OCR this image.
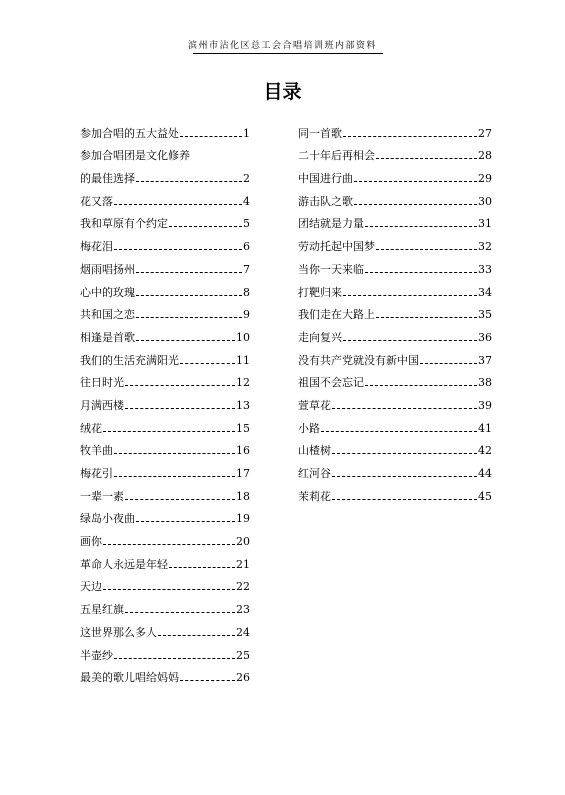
滨州市沾化区总工会合唱培训班内部资料
目录
参加合唱的五大益处	1
参加合唱团是文化修养
的最佳选择	2
花又落	4
我和草原有个约定	5
梅花泪	6
烟雨唱扬州	7
心中的玫瑰	8
共和国之恋	9
相逢是首歌	10
我们的生活充满阳光	11
往日时光	12
月满西楼	13
绒花	15
牧羊曲	16
梅花引	17
一辈一素	18
绿岛小夜曲	19
画你	20
革命人永远是年轻	21
天边	22
五星红旗	23
这世界那么多人	24
半壶纱	25
最美的歌儿唱给妈妈	26
同一首歌	27
二十年后再相会	28
中国进行曲	29
游击队之歌	30
团结就是力量	31
劳动托起中国梦	32
当你一天来临	33
打靶归来	34
我们走在大路上	35
走向复兴	36
没有共产党就没有新中国	37
祖国不会忘记	38
萱草花	39
小路	41
山楂树	42
红河谷	44
茉莉花	45
